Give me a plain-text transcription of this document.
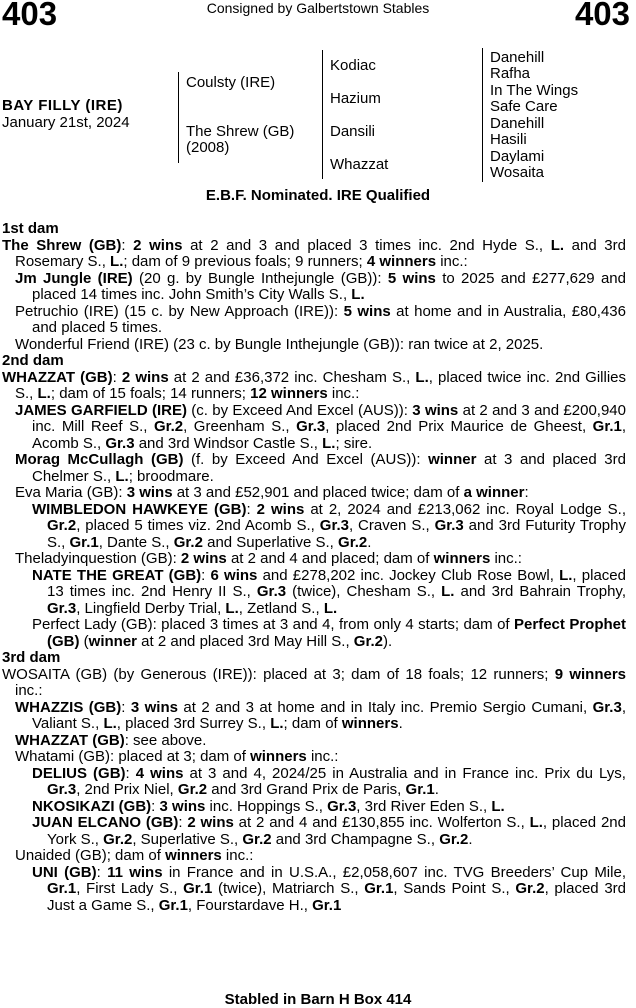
403	Consigned by Galbertstown Stables	403
BAY FILLY (IRE)
January 21st, 2024
Coulsty (IRE)
The Shrew (GB)
(2008)
Kodiac
Hazium
Dansili
Whazzat
Danehill
Rafha
In The Wings
Safe Care
Danehill
Hasili
Daylami
Wosaita
E.B.F. Nominated. IRE Qualified
1st dam
The Shrew (GB): 2 wins at 2 and 3 and placed 3 times inc. 2nd Hyde S., L. and 3rd Rosemary S., L.; dam of 9 previous foals; 9 runners; 4 winners inc.:
Jm Jungle (IRE) (20 g. by Bungle Inthejungle (GB)): 5 wins to 2025 and £277,629 and placed 14 times inc. John Smith’s City Walls S., L.
Petruchio (IRE) (15 c. by New Approach (IRE)): 5 wins at home and in Australia, £80,436 and placed 5 times.
Wonderful Friend (IRE) (23 c. by Bungle Inthejungle (GB)): ran twice at 2, 2025.
2nd dam
WHAZZAT (GB): 2 wins at 2 and £36,372 inc. Chesham S., L., placed twice inc. 2nd Gillies S., L.; dam of 15 foals; 14 runners; 12 winners inc.:
JAMES GARFIELD (IRE) (c. by Exceed And Excel (AUS)): 3 wins at 2 and 3 and £200,940 inc. Mill Reef S., Gr.2, Greenham S., Gr.3, placed 2nd Prix Maurice de Gheest, Gr.1, Acomb S., Gr.3 and 3rd Windsor Castle S., L.; sire.
Morag McCullagh (GB) (f. by Exceed And Excel (AUS)): winner at 3 and placed 3rd Chelmer S., L.; broodmare.
Eva Maria (GB): 3 wins at 3 and £52,901 and placed twice; dam of a winner:
WIMBLEDON HAWKEYE (GB): 2 wins at 2, 2024 and £213,062 inc. Royal Lodge S., Gr.2, placed 5 times viz. 2nd Acomb S., Gr.3, Craven S., Gr.3 and 3rd Futurity Trophy S., Gr.1, Dante S., Gr.2 and Superlative S., Gr.2.
Theladyinquestion (GB): 2 wins at 2 and 4 and placed; dam of winners inc.:
NATE THE GREAT (GB): 6 wins and £278,202 inc. Jockey Club Rose Bowl, L., placed 13 times inc. 2nd Henry II S., Gr.3 (twice), Chesham S., L. and 3rd Bahrain Trophy, Gr.3, Lingfield Derby Trial, L., Zetland S., L.
Perfect Lady (GB): placed 3 times at 3 and 4, from only 4 starts; dam of Perfect Prophet (GB) (winner at 2 and placed 3rd May Hill S., Gr.2).
3rd dam
WOSAITA (GB) (by Generous (IRE)): placed at 3; dam of 18 foals; 12 runners; 9 winners inc.:
WHAZZIS (GB): 3 wins at 2 and 3 at home and in Italy inc. Premio Sergio Cumani, Gr.3, Valiant S., L., placed 3rd Surrey S., L.; dam of winners.
WHAZZAT (GB): see above.
Whatami (GB): placed at 3; dam of winners inc.:
DELIUS (GB): 4 wins at 3 and 4, 2024/25 in Australia and in France inc. Prix du Lys, Gr.3, 2nd Prix Niel, Gr.2 and 3rd Grand Prix de Paris, Gr.1.
NKOSIKAZI (GB): 3 wins inc. Hoppings S., Gr.3, 3rd River Eden S., L.
JUAN ELCANO (GB): 2 wins at 2 and 4 and £130,855 inc. Wolferton S., L., placed 2nd York S., Gr.2, Superlative S., Gr.2 and 3rd Champagne S., Gr.2.
Unaided (GB); dam of winners inc.:
UNI (GB): 11 wins in France and in U.S.A., £2,058,607 inc. TVG Breeders’ Cup Mile, Gr.1, First Lady S., Gr.1 (twice), Matriarch S., Gr.1, Sands Point S., Gr.2, placed 3rd Just a Game S., Gr.1, Fourstardave H., Gr.1
Stabled in Barn H Box 414
